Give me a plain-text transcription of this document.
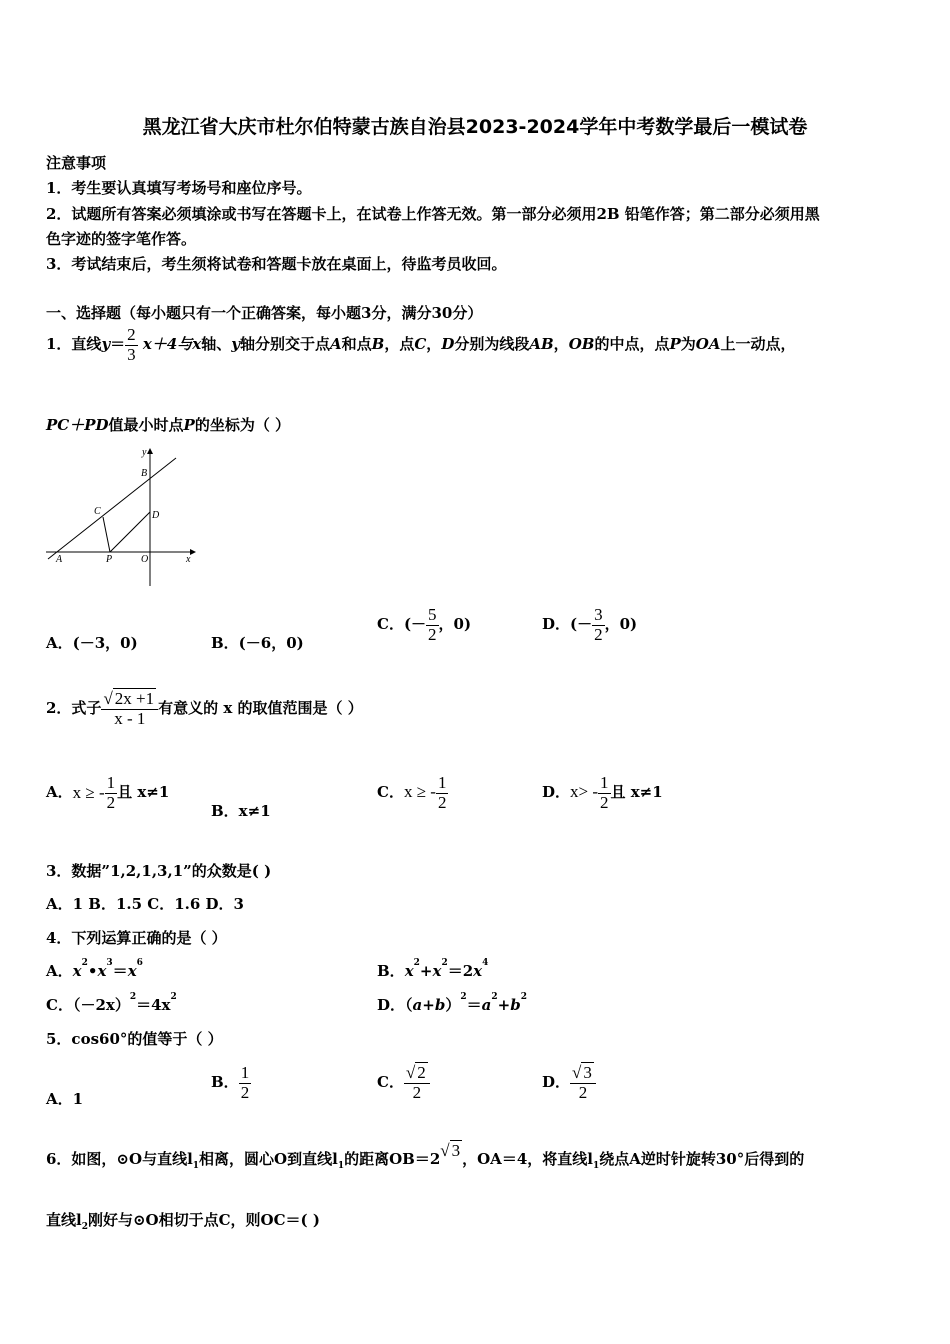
黑龙江省大庆市杜尔伯特蒙古族自治县2023-2024学年中考数学最后一模试卷
注意事项
1．考生要认真填写考场号和座位序号。
2．试题所有答案必须填涂或书写在答题卡上，在试卷上作答无效。第一部分必须用2B 铅笔作答；第二部分必须用黑
色字迹的签字笔作答。
3．考试结束后，考生须将试卷和答题卡放在桌面上，待监考员收回。
一、选择题（每小题只有一个正确答案，每小题3分，满分30分）
1．直线$y= \frac{2}{3} x+4$与x轴、y轴分别交于点A和点B，点C，D分别为线段AB，OB的中点，点P为OA上一动点，
PC＋PD值最小时点P的坐标为（ ）
y
B
C	D
A	P	O	x
A．(－3，0)	B．(－6，0)
C．(－ $\frac{5}{2}$ ，0)	D．(－ $\frac{3}{2}$ ，0)
2．式子 $\frac{√ 2x +1}{x - 1}$ 有意义的 x 的取值范围是（ ）
A．x ≥ - $\frac{1}{2}$ 且 x≠1
B．x≠1
C．x ≥ - $\frac{1}{2}$	D．$x> - \frac{1}{2}$ 且 x≠1
3．数据”1,2,1,3,1”的众数是( )
A．1 B．1.5 C．1.6 D．3
4．下列运算正确的是（ ）
A．$x^2•x^3=x^6$	B．$x^2+x^2=2x^4$
C．$(-2x)^2=4x^2$	D．$(a+b)^2=a^2+b^2$
5．cos60°的值等于（ ）
A．1
B． $\frac{1}{2}$	C． $\frac{√ 2}{2}$	D． $\frac{√ 3}{2}$
6．如图，⊙O与直线$l_1$相离，圆心O到直线$l_1$的距离OB＝2√ 3 ，OA＝4，将直线$l_1$绕点A逆时针旋转30°后得到的
直线$l_2$刚好与⊙O相切于点C，则OC＝( )
